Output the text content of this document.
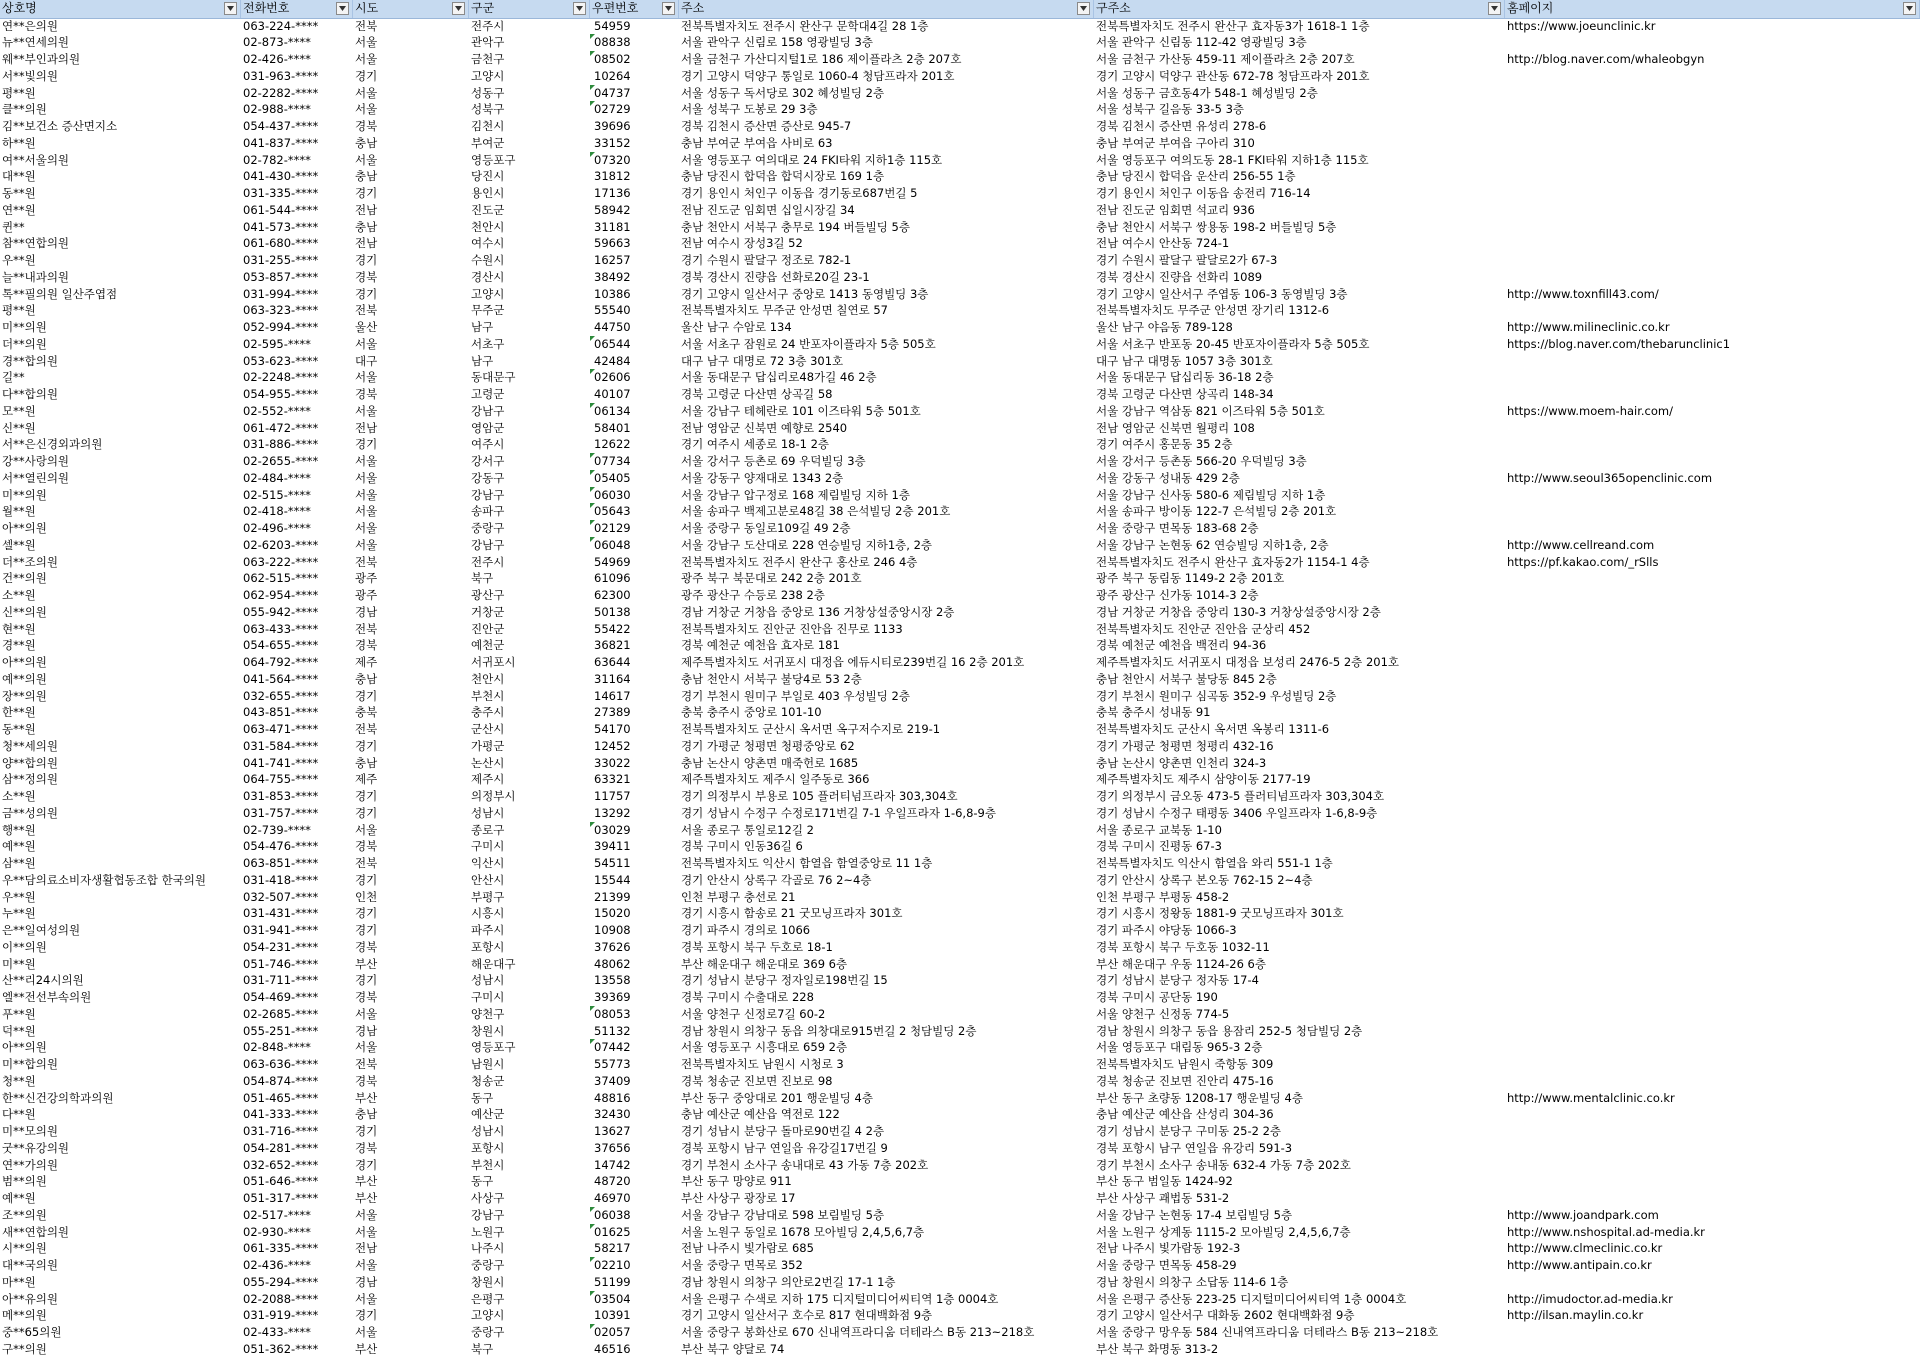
상호명	전화번호	시도	구군	우편번호	주소	구주소	홈페이지
연**은의원	063-224-****	전북	전주시	54959	전북특별자치도 전주시 완산구 문학대4길 28 1층	전북특별자치도 전주시 완산구 효자동3가 1618-1 1층	https://www.joeunclinic.kr
뉴**연세의원	02-873-****	서울	관악구	08838	서울 관악구 신림로 158 영광빌딩 3층	서울 관악구 신림동 112-42 영광빌딩 3층
웨**부인과의원	02-426-****	서울	금천구	08502	서울 금천구 가산디지털1로 186 제이플라츠 2층 207호	서울 금천구 가산동 459-11 제이플라츠 2층 207호	http://blog.naver.com/whaleobgyn
서**빛의원	031-963-****	경기	고양시	10264	경기 고양시 덕양구 통일로 1060-4 청담프라자 201호	경기 고양시 덕양구 관산동 672-78 청담프라자 201호
평**원	02-2282-****	서울	성동구	04737	서울 성동구 독서당로 302 혜성빌딩 2층	서울 성동구 금호동4가 548-1 혜성빌딩 2층
클**의원	02-988-****	서울	성북구	02729	서울 성북구 도봉로 29 3층	서울 성북구 길음동 33-5 3층
김**보건소 증산면지소	054-437-****	경북	김천시	39696	경북 김천시 증산면 증산로 945-7	경북 김천시 증산면 유성리 278-6
하**원	041-837-****	충남	부여군	33152	충남 부여군 부여읍 사비로 63	충남 부여군 부여읍 구아리 310
여**서울의원	02-782-****	서울	영등포구	07320	서울 영등포구 여의대로 24 FKI타워 지하1층 115호	서울 영등포구 여의도동 28-1 FKI타워 지하1층 115호
대**원	041-430-****	충남	당진시	31812	충남 당진시 합덕읍 합덕시장로 169 1층	충남 당진시 합덕읍 운산리 256-55 1층
동**원	031-335-****	경기	용인시	17136	경기 용인시 처인구 이동읍 경기동로687번길 5	경기 용인시 처인구 이동읍 송전리 716-14
연**원	061-544-****	전남	진도군	58942	전남 진도군 임회면 십일시장길 34	전남 진도군 임회면 석교리 936
퀸**	041-573-****	충남	천안시	31181	충남 천안시 서북구 충무로 194 버들빌딩 5층	충남 천안시 서북구 쌍용동 198-2 버들빌딩 5층
참**연합의원	061-680-****	전남	여수시	59663	전남 여수시 장성3길 52	전남 여수시 안산동 724-1
우**원	031-255-****	경기	수원시	16257	경기 수원시 팔달구 정조로 782-1	경기 수원시 팔달구 팔달로2가 67-3
늘**내과의원	053-857-****	경북	경산시	38492	경북 경산시 진량읍 선화로20길 23-1	경북 경산시 진량읍 선화리 1089
톡**필의원 일산주엽점	031-994-****	경기	고양시	10386	경기 고양시 일산서구 중앙로 1413 동영빌딩 3층	경기 고양시 일산서구 주엽동 106-3 동영빌딩 3층	http://www.toxnfill43.com/
평**원	063-323-****	전북	무주군	55540	전북특별자치도 무주군 안성면 칠연로 57	전북특별자치도 무주군 안성면 장기리 1312-6
미**의원	052-994-****	울산	남구	44750	울산 남구 수암로 134	울산 남구 야음동 789-128	http://www.milineclinic.co.kr
더**의원	02-595-****	서울	서초구	06544	서울 서초구 잠원로 24 반포자이플라자 5층 505호	서울 서초구 반포동 20-45 반포자이플라자 5층 505호	https://blog.naver.com/thebarunclinic1
경**합의원	053-623-****	대구	남구	42484	대구 남구 대명로 72 3층 301호	대구 남구 대명동 1057 3층 301호
길**	02-2248-****	서울	동대문구	02606	서울 동대문구 답십리로48가길 46 2층	서울 동대문구 답십리동 36-18 2층
다**합의원	054-955-****	경북	고령군	40107	경북 고령군 다산면 상곡길 58	경북 고령군 다산면 상곡리 148-34
모**원	02-552-****	서울	강남구	06134	서울 강남구 테헤란로 101 이즈타워 5층 501호	서울 강남구 역삼동 821 이즈타워 5층 501호	https://www.moem-hair.com/
신**원	061-472-****	전남	영암군	58401	전남 영암군 신북면 예향로 2540	전남 영암군 신북면 월평리 108
서**은신경외과의원	031-886-****	경기	여주시	12622	경기 여주시 세종로 18-1 2층	경기 여주시 홍문동 35 2층
강**사랑의원	02-2655-****	서울	강서구	07734	서울 강서구 등촌로 69 우덕빌딩 3층	서울 강서구 등촌동 566-20 우덕빌딩 3층
서**열린의원	02-484-****	서울	강동구	05405	서울 강동구 양재대로 1343 2층	서울 강동구 성내동 429 2층	http://www.seoul365openclinic.com
미**의원	02-515-****	서울	강남구	06030	서울 강남구 압구정로 168 제림빌딩 지하 1층	서울 강남구 신사동 580-6 제림빌딩 지하 1층
월**원	02-418-****	서울	송파구	05643	서울 송파구 백제고분로48길 38 은석빌딩 2층 201호	서울 송파구 방이동 122-7 은석빌딩 2층 201호
아**의원	02-496-****	서울	중랑구	02129	서울 중랑구 동일로109길 49 2층	서울 중랑구 면목동 183-68 2층
셀**원	02-6203-****	서울	강남구	06048	서울 강남구 도산대로 228 연승빌딩 지하1층, 2층	서울 강남구 논현동 62 연승빌딩 지하1층, 2층	http://www.cellreand.com
더**조의원	063-222-****	전북	전주시	54969	전북특별자치도 전주시 완산구 홍산로 246 4층	전북특별자치도 전주시 완산구 효자동2가 1154-1 4층	https://pf.kakao.com/_rSlls
건**의원	062-515-****	광주	북구	61096	광주 북구 북문대로 242 2층 201호	광주 북구 동림동 1149-2 2층 201호
소**원	062-954-****	광주	광산구	62300	광주 광산구 수등로 238 2층	광주 광산구 신가동 1014-3 2층
신**의원	055-942-****	경남	거창군	50138	경남 거창군 거창읍 중앙로 136 거창상설중앙시장 2층	경남 거창군 거창읍 중앙리 130-3 거창상설중앙시장 2층
현**원	063-433-****	전북	진안군	55422	전북특별자치도 진안군 진안읍 진무로 1133	전북특별자치도 진안군 진안읍 군상리 452
경**원	054-655-****	경북	예천군	36821	경북 예천군 예천읍 효자로 181	경북 예천군 예천읍 백전리 94-36
아**의원	064-792-****	제주	서귀포시	63644	제주특별자치도 서귀포시 대정읍 에듀시티로239번길 16 2층 201호	제주특별자치도 서귀포시 대정읍 보성리 2476-5 2층 201호
예**의원	041-564-****	충남	천안시	31164	충남 천안시 서북구 불당4로 53 2층	충남 천안시 서북구 불당동 845 2층
장**의원	032-655-****	경기	부천시	14617	경기 부천시 원미구 부일로 403 우성빌딩 2층	경기 부천시 원미구 심곡동 352-9 우성빌딩 2층
한**원	043-851-****	충북	충주시	27389	충북 충주시 중앙로 101-10	충북 충주시 성내동 91
동**원	063-471-****	전북	군산시	54170	전북특별자치도 군산시 옥서면 옥구저수지로 219-1	전북특별자치도 군산시 옥서면 옥봉리 1311-6
청**세의원	031-584-****	경기	가평군	12452	경기 가평군 청평면 청평중앙로 62	경기 가평군 청평면 청평리 432-16
양**합의원	041-741-****	충남	논산시	33022	충남 논산시 양촌면 매죽헌로 1685	충남 논산시 양촌면 인천리 324-3
삼**정의원	064-755-****	제주	제주시	63321	제주특별자치도 제주시 일주동로 366	제주특별자치도 제주시 삼양이동 2177-19
소**원	031-853-****	경기	의정부시	11757	경기 의정부시 부용로 105 플러티넘프라자 303,304호	경기 의정부시 금오동 473-5 플러티넘프라자 303,304호
금**성의원	031-757-****	경기	성남시	13292	경기 성남시 수정구 수정로171번길 7-1 우일프라자 1-6,8-9층	경기 성남시 수정구 태평동 3406 우일프라자 1-6,8-9층
행**원	02-739-****	서울	종로구	03029	서울 종로구 통일로12길 2	서울 종로구 교북동 1-10
예**원	054-476-****	경북	구미시	39411	경북 구미시 인동36길 6	경북 구미시 진평동 67-3
삼**원	063-851-****	전북	익산시	54511	전북특별자치도 익산시 함열읍 함열중앙로 11 1층	전북특별자치도 익산시 함열읍 와리 551-1 1층
우**담의료소비자생활협동조합 한국의원	031-418-****	경기	안산시	15544	경기 안산시 상록구 각골로 76 2~4층	경기 안산시 상록구 본오동 762-15 2~4층
우**원	032-507-****	인천	부평구	21399	인천 부평구 충선로 21	인천 부평구 부평동 458-2
누**원	031-431-****	경기	시흥시	15020	경기 시흥시 함송로 21 굿모닝프라자 301호	경기 시흥시 정왕동 1881-9 굿모닝프라자 301호
은**일여성의원	031-941-****	경기	파주시	10908	경기 파주시 경의로 1066	경기 파주시 야당동 1066-3
이**의원	054-231-****	경북	포항시	37626	경북 포항시 북구 두호로 18-1	경북 포항시 북구 두호동 1032-11
미**원	051-746-****	부산	해운대구	48062	부산 해운대구 해운대로 369 6층	부산 해운대구 우동 1124-26 6층
산**리24시의원	031-711-****	경기	성남시	13558	경기 성남시 분당구 정자일로198번길 15	경기 성남시 분당구 정자동 17-4
엘**전선부속의원	054-469-****	경북	구미시	39369	경북 구미시 수출대로 228	경북 구미시 공단동 190
푸**원	02-2685-****	서울	양천구	08053	서울 양천구 신정로7길 60-2	서울 양천구 신정동 774-5
덕**원	055-251-****	경남	창원시	51132	경남 창원시 의창구 동읍 의창대로915번길 2 청담빌딩 2층	경남 창원시 의창구 동읍 용잠리 252-5 청담빌딩 2층
아**의원	02-848-****	서울	영등포구	07442	서울 영등포구 시흥대로 659 2층	서울 영등포구 대림동 965-3 2층
미**합의원	063-636-****	전북	남원시	55773	전북특별자치도 남원시 시청로 3	전북특별자치도 남원시 죽항동 309
청**원	054-874-****	경북	청송군	37409	경북 청송군 진보면 진보로 98	경북 청송군 진보면 진안리 475-16
한**신건강의학과의원	051-465-****	부산	동구	48816	부산 동구 중앙대로 201 행운빌딩 4층	부산 동구 초량동 1208-17 행운빌딩 4층	http://www.mentalclinic.co.kr
다**원	041-333-****	충남	예산군	32430	충남 예산군 예산읍 역전로 122	충남 예산군 예산읍 산성리 304-36
미**모의원	031-716-****	경기	성남시	13627	경기 성남시 분당구 돌마로90번길 4 2층	경기 성남시 분당구 구미동 25-2 2층
굿**유강의원	054-281-****	경북	포항시	37656	경북 포항시 남구 연일읍 유강길17번길 9	경북 포항시 남구 연일읍 유강리 591-3
연**가의원	032-652-****	경기	부천시	14742	경기 부천시 소사구 송내대로 43 가동 7층 202호	경기 부천시 소사구 송내동 632-4 가동 7층 202호
범**의원	051-646-****	부산	동구	48720	부산 동구 망양로 911	부산 동구 범일동 1424-92
예**원	051-317-****	부산	사상구	46970	부산 사상구 광장로 17	부산 사상구 괘법동 531-2
조**의원	02-517-****	서울	강남구	06038	서울 강남구 강남대로 598 보림빌딩 5층	서울 강남구 논현동 17-4 보림빌딩 5층	http://www.joandpark.com
새**연합의원	02-930-****	서울	노원구	01625	서울 노원구 동일로 1678 모아빌딩 2,4,5,6,7층	서울 노원구 상계동 1115-2 모아빌딩 2,4,5,6,7층	http://www.nshospital.ad-media.kr
시**의원	061-335-****	전남	나주시	58217	전남 나주시 빛가람로 685	전남 나주시 빛가람동 192-3	http://www.clmeclinic.co.kr
대**국의원	02-436-****	서울	중랑구	02210	서울 중랑구 면목로 352	서울 중랑구 면목동 458-29	http://www.antipain.co.kr
마**원	055-294-****	경남	창원시	51199	경남 창원시 의창구 의안로2번길 17-1 1층	경남 창원시 의창구 소답동 114-6 1층
아**유의원	02-2088-****	서울	은평구	03504	서울 은평구 수색로 지하 175 디지털미디어씨티역 1층 0004호	서울 은평구 증산동 223-25 디지털미디어씨티역 1층 0004호	http://imudoctor.ad-media.kr
메**의원	031-919-****	경기	고양시	10391	경기 고양시 일산서구 호수로 817 현대백화점 9층	경기 고양시 일산서구 대화동 2602 현대백화점 9층	http://ilsan.maylin.co.kr
중**65의원	02-433-****	서울	중랑구	02057	서울 중랑구 봉화산로 670 신내역프라디움 더테라스 B동 213~218호	서울 중랑구 망우동 584 신내역프라디움 더테라스 B동 213~218호
구**의원	051-362-****	부산	북구	46516	부산 북구 양달로 74	부산 북구 화명동 313-2
